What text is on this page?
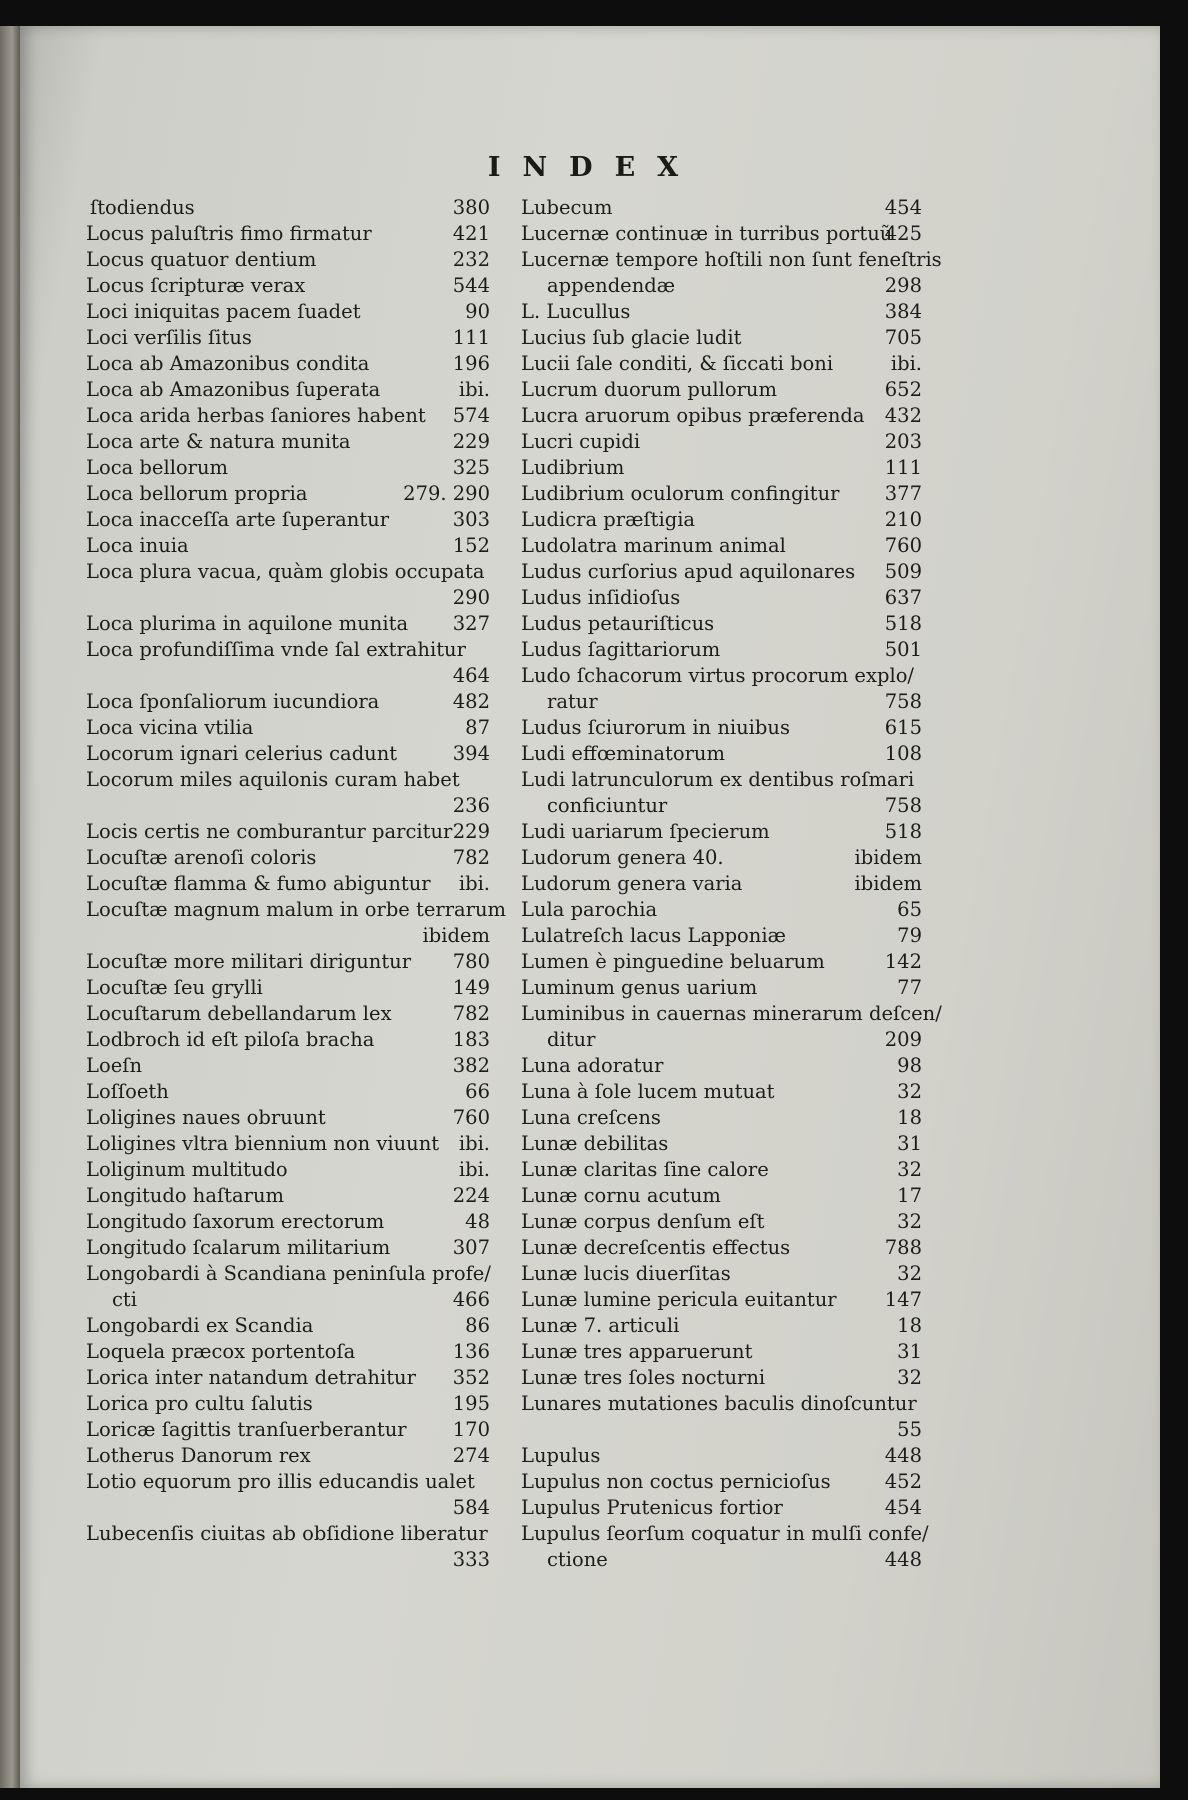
INDEX
ſtodiendus	380
Locus paluſtris fimo firmatur	421
Locus quatuor dentium	232
Locus ſcripturæ verax	544
Loci iniquitas pacem ſuadet	90
Loci verſilis ſitus	111
Loca ab Amazonibus condita	196
Loca ab Amazonibus ſuperata	ibi.
Loca arida herbas ſaniores habent 574
Loca arte & natura munita	229
Loca bellorum	325
Loca bellorum propria	279. 290
Loca inacceſſa arte ſuperantur	303
Loca inuia	152
Loca plura vacua, quàm globis occupata
290
Loca plurima in aquilone munita 327
Loca profundiſſima vnde ſal extrahitur
464
Loca ſponſaliorum iucundiora	482
Loca vicina vtilia	87
Locorum ignari celerius cadunt	394
Locorum miles aquilonis curam habet
236
Locis certis ne comburantur parcitur 229
Locuſtæ arenoſi coloris	782
Locuſtæ flamma & fumo abiguntur ibi.
Locuſtæ magnum malum in orbe terrarum
ibidem
Locuſtæ more militari diriguntur 780
Locuſtæ ſeu grylli	149
Locuſtarum debellandarum lex	782
Lodbroch id eſt piloſa bracha	183
Loeſn	382
Loſſoeth	66
Loligines naues obruunt	760
Loligines vltra biennium non viuunt ibi.
Loliginum multitudo	ibi.
Longitudo haſtarum	224
Longitudo ſaxorum erectorum	48
Longitudo ſcalarum militarium	307
Longobardi à Scandiana peninſula profe/
cti	466
Longobardi ex Scandia	86
Loquela præcox portentoſa	136
Lorica inter natandum detrahitur 352
Lorica pro cultu ſalutis	195
Loricæ ſagittis tranſuerberantur 170
Lotherus Danorum rex	274
Lotio equorum pro illis educandis ualet
584
Lubecenſis ciuitas ab obſidione liberatur
333
Lubecum	454
Lucernæ continuæ in turribus portuũ
425
Lucernæ tempore hoſtili non ſunt feneſtris
appendendæ	298
L. Lucullus	384
Lucius ſub glacie ludit	705
Lucii ſale conditi, & ſiccati boni	ibi.
Lucrum duorum pullorum	652
Lucra aruorum opibus præferenda 432
Lucri cupidi	203
Ludibrium	111
Ludibrium oculorum confingitur 377
Ludicra præſtigia	210
Ludolatra marinum animal	760
Ludus curſorius apud aquilonares 509
Ludus inſidioſus	637
Ludus petauriſticus	518
Ludus ſagittariorum	501
Ludo ſchacorum virtus procorum explo/
ratur	758
Ludus ſciurorum in niuibus	615
Ludi effœminatorum	108
Ludi latrunculorum ex dentibus roſmari
conficiuntur	758
Ludi uariarum ſpecierum	518
Ludorum genera 40.	ibidem
Ludorum genera varia	ibidem
Lula parochia	65
Lulatreſch lacus Lapponiæ	79
Lumen è pinguedine beluarum	142
Luminum genus uarium	77
Luminibus in cauernas minerarum deſcen/
ditur	209
Luna adoratur	98
Luna à ſole lucem mutuat	32
Luna creſcens	18
Lunæ debilitas	31
Lunæ claritas ſine calore	32
Lunæ cornu acutum	17
Lunæ corpus denſum eſt	32
Lunæ decreſcentis effectus	788
Lunæ lucis diuerſitas	32
Lunæ lumine pericula euitantur 147
Lunæ 7. articuli	18
Lunæ tres apparuerunt	31
Lunæ tres ſoles nocturni	32
Lunares mutationes baculis dinoſcuntur
55
Lupulus	448
Lupulus non coctus pernicioſus	452
Lupulus Prutenicus fortior	454
Lupulus ſeorſum coquatur in mulſi confe/
ctione	448
